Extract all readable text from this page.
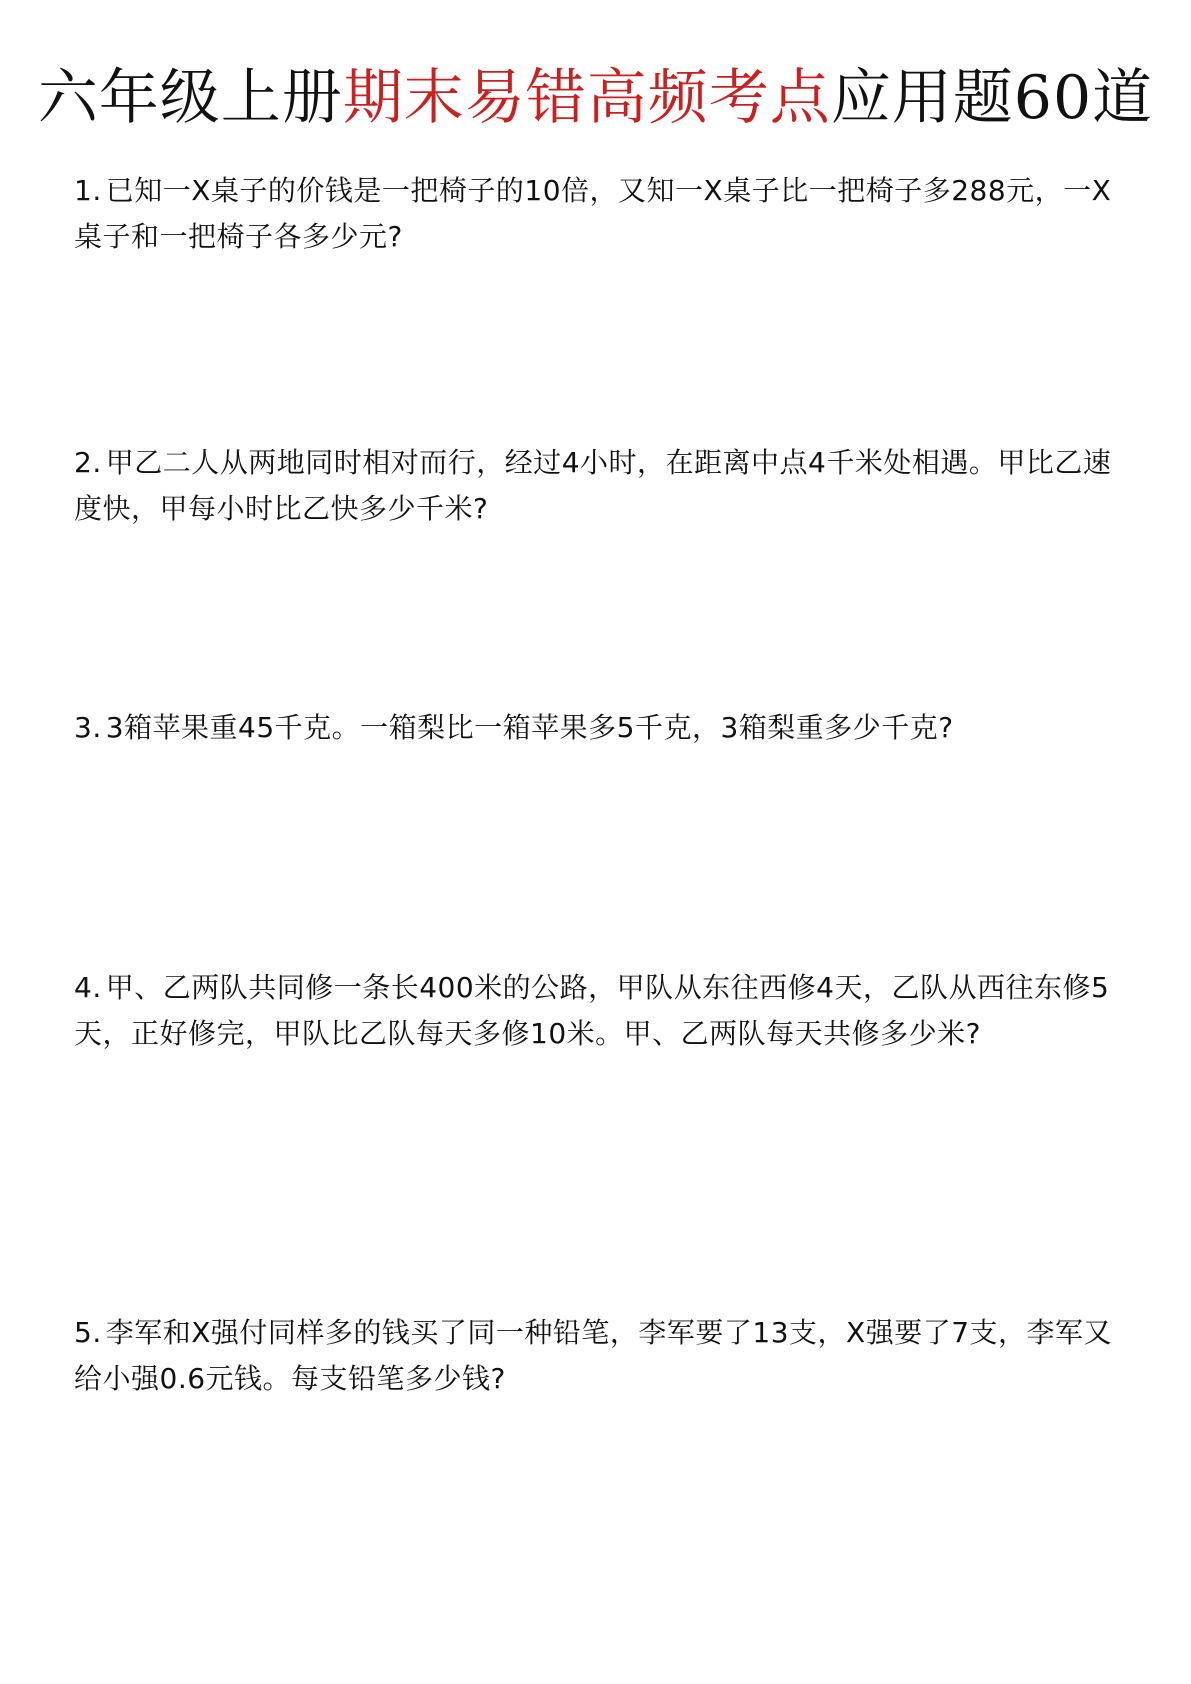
六年级上册期末易错高频考点应用题60道
1. 已知一X桌子的价钱是一把椅子的10倍，又知一X桌子比一把椅子多288元，一X桌子和一把椅子各多少元?
2. 甲乙二人从两地同时相对而行，经过4小时，在距离中点4千米处相遇。甲比乙速度快，甲每小时比乙快多少千米?
3. 3箱苹果重45千克。一箱梨比一箱苹果多5千克，3箱梨重多少千克?
4. 甲、乙两队共同修一条长400米的公路，甲队从东往西修4天，乙队从西往东修5天，正好修完，甲队比乙队每天多修10米。甲、乙两队每天共修多少米?
5. 李军和X强付同样多的钱买了同一种铅笔，李军要了13支，X强要了7支，李军又给小强0.6元钱。每支铅笔多少钱?
